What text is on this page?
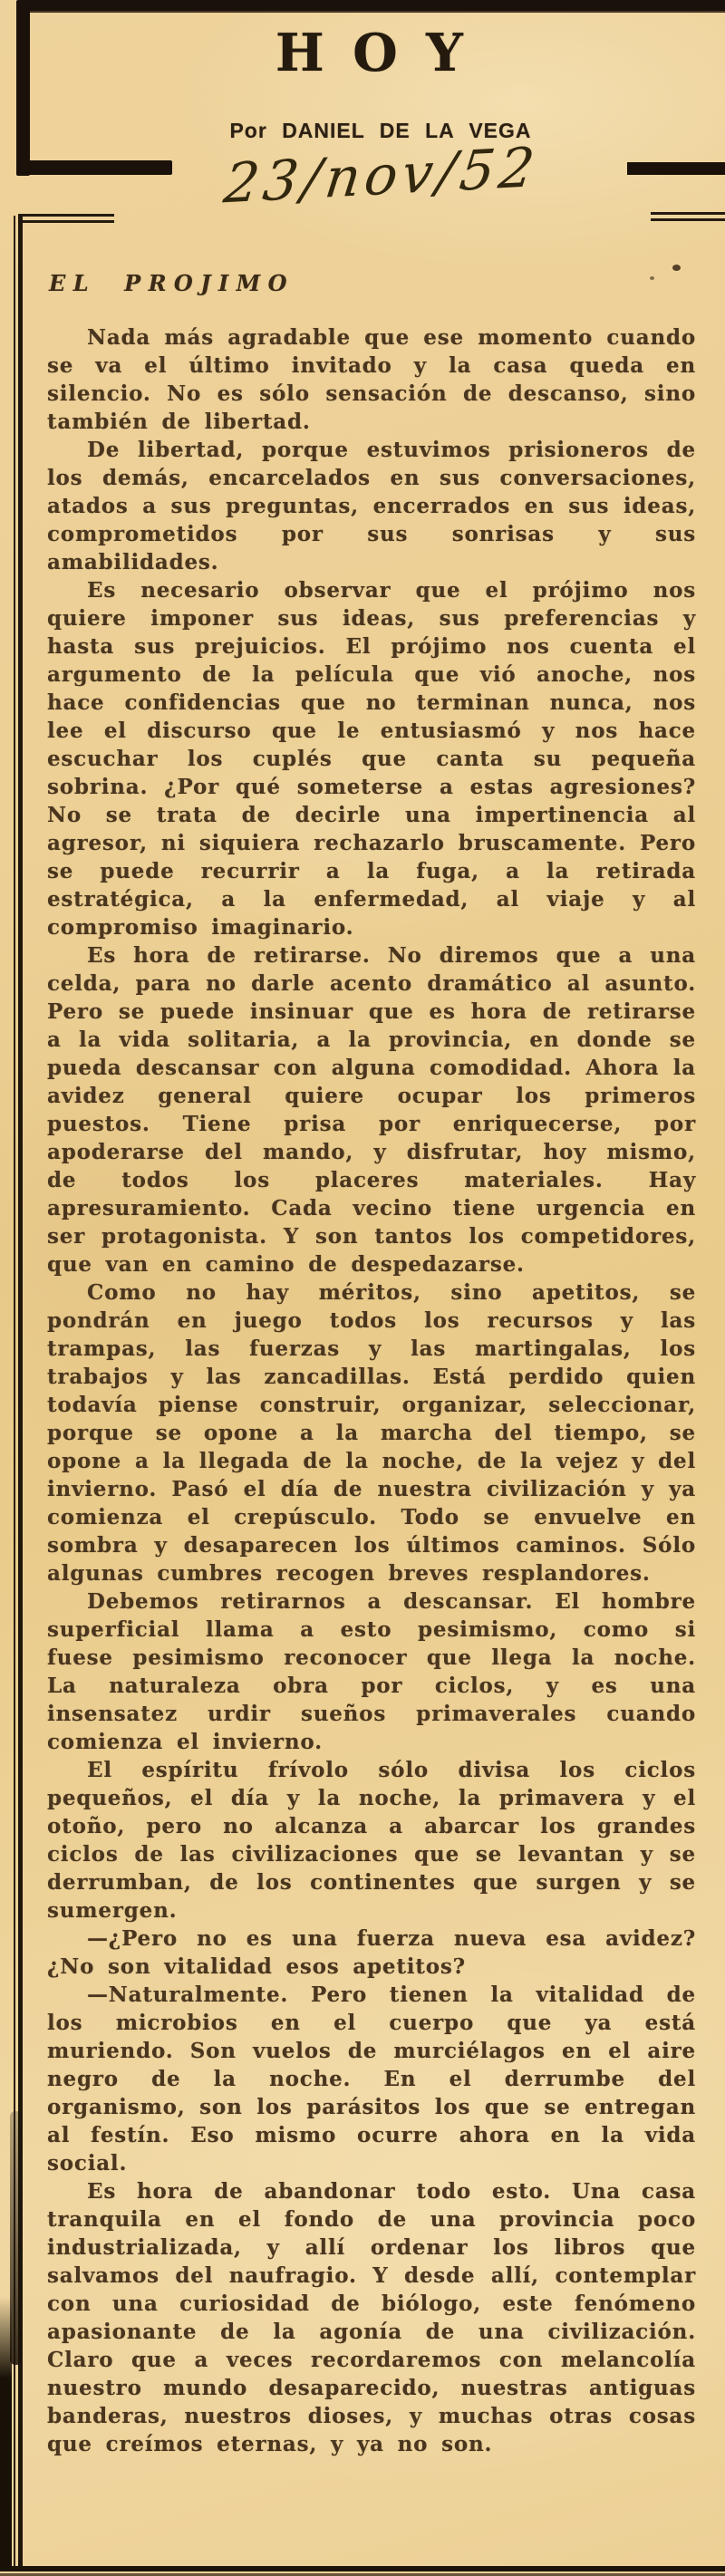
HOY
Por DANIEL DE LA VEGA
23/nov/52
EL PROJIMO

Nada más agradable que ese momento cuando se va el último invitado y la casa queda en silencio. No es sólo sensación de descanso, sino también de libertad.

De libertad, porque estuvimos prisioneros de los demás, encarcelados en sus conversaciones, atados a sus preguntas, encerrados en sus ideas, comprometidos por sus sonrisas y sus amabilidades.

Es necesario observar que el prójimo nos quiere imponer sus ideas, sus preferencias y hasta sus prejuicios. El prójimo nos cuenta el argumento de la película que vió anoche, nos hace confidencias que no terminan nunca, nos lee el discurso que le entusiasmó y nos hace escuchar los cuplés que canta su pequeña sobrina. ¿Por qué someterse a estas agresiones? No se trata de decirle una impertinencia al agresor, ni siquiera rechazarlo bruscamente. Pero se puede recurrir a la fuga, a la retirada estratégica, a la enfermedad, al viaje y al compromiso imaginario.

Es hora de retirarse. No diremos que a una celda, para no darle acento dramático al asunto. Pero se puede insinuar que es hora de retirarse a la vida solitaria, a la provincia, en donde se pueda descansar con alguna comodidad. Ahora la avidez general quiere ocupar los primeros puestos. Tiene prisa por enriquecerse, por apoderarse del mando, y disfrutar, hoy mismo, de todos los placeres materiales. Hay apresuramiento. Cada vecino tiene urgencia en ser protagonista. Y son tantos los competidores, que van en camino de despedazarse.

Como no hay méritos, sino apetitos, se pondrán en juego todos los recursos y las trampas, las fuerzas y las martingalas, los trabajos y las zancadillas. Está perdido quien todavía piense construir, organizar, seleccionar, porque se opone a la marcha del tiempo, se opone a la llegada de la noche, de la vejez y del invierno. Pasó el día de nuestra civilización y ya comienza el crepúsculo. Todo se envuelve en sombra y desaparecen los últimos caminos. Sólo algunas cumbres recogen breves resplandores.

Debemos retirarnos a descansar. El hombre superficial llama a esto pesimismo, como si fuese pesimismo reconocer que llega la noche. La naturaleza obra por ciclos, y es una insensatez urdir sueños primaverales cuando comienza el invierno.

El espíritu frívolo sólo divisa los ciclos pequeños, el día y la noche, la primavera y el otoño, pero no alcanza a abarcar los grandes ciclos de las civilizaciones que se levantan y se derrumban, de los continentes que surgen y se sumergen.

—¿Pero no es una fuerza nueva esa avidez? ¿No son vitalidad esos apetitos?

—Naturalmente. Pero tienen la vitalidad de los microbios en el cuerpo que ya está muriendo. Son vuelos de murciélagos en el aire negro de la noche. En el derrumbe del organismo, son los parásitos los que se entregan al festín. Eso mismo ocurre ahora en la vida social.

Es hora de abandonar todo esto. Una casa tranquila en el fondo de una provincia poco industrializada, y allí ordenar los libros que salvamos del naufragio. Y desde allí, contemplar con una curiosidad de biólogo, este fenómeno apasionante de la agonía de una civilización. Claro que a veces recordaremos con melancolía nuestro mundo desaparecido, nuestras antiguas banderas, nuestros dioses, y muchas otras cosas que creímos eternas, y ya no son.
